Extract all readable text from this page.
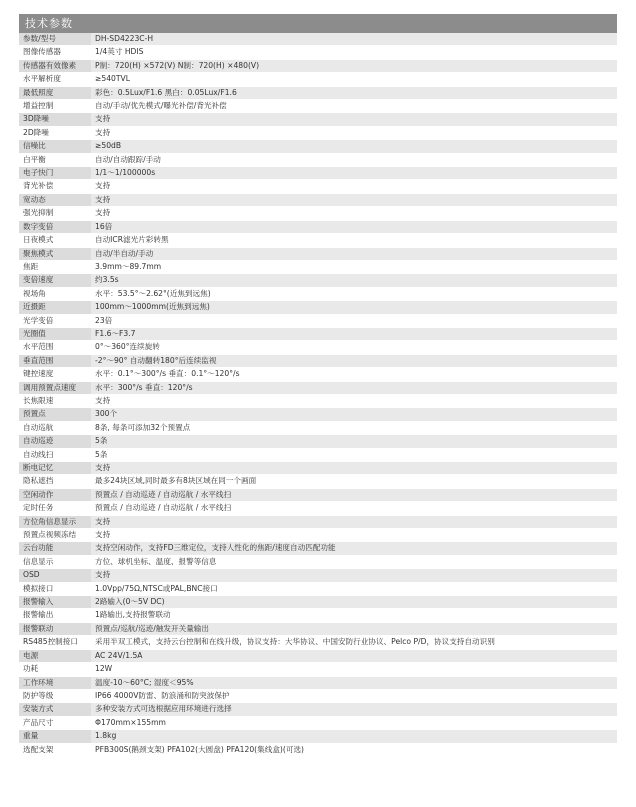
技术参数
参数/型号	DH-SD4223C-H
图像传感器	1/4英寸 HDIS
传感器有效像素	P制：720(H) ×572(V) N制：720(H) ×480(V)
水平解析度	≥540TVL
最低照度	彩色：0.5Lux/F1.6 黑白：0.05Lux/F1.6
增益控制	自动/手动/优先模式/曝光补偿/背光补偿
3D降噪	支持
2D降噪	支持
信噪比	≥50dB
白平衡	自动/自动跟踪/手动
电子快门	1/1～1/100000s
背光补偿	支持
宽动态	支持
强光抑制	支持
数字变倍	16倍
日夜模式	自动ICR滤光片彩转黑
聚焦模式	自动/半自动/手动
焦距	3.9mm～89.7mm
变倍速度	约3.5s
视场角	水平：53.5°～2.62°(近焦到远焦)
近摄距	100mm～1000mm(近焦到远焦)
光学变倍	23倍
光圈值	F1.6～F3.7
水平范围	0°～360°连续旋转
垂直范围	-2°～90° 自动翻转180°后连续监视
键控速度	水平：0.1°～300°/s 垂直：0.1°～120°/s
调用预置点速度	水平：300°/s 垂直：120°/s
长焦限速	支持
预置点	300个
自动巡航	8条, 每条可添加32个预置点
自动巡迹	5条
自动线扫	5条
断电记忆	支持
隐私遮挡	最多24块区域,同时最多有8块区域在同一个画面
空闲动作	预置点 / 自动巡迹 / 自动巡航 / 水平线扫
定时任务	预置点 / 自动巡迹 / 自动巡航 / 水平线扫
方位角信息显示	支持
预置点视频冻结	支持
云台功能	支持空闲动作，支持FD三维定位，支持人性化的焦距/速度自动匹配功能
信息显示	方位、球机坐标、温度、报警等信息
OSD	支持
模拟接口	1.0Vpp/75Ω,NTSC或PAL,BNC接口
报警输入	2路输入(0～5V DC)
报警输出	1路输出,支持报警联动
报警联动	预置点/巡航/巡迹/触发开关量输出
RS485控制接口	采用半双工模式，支持云台控制和在线升级，协议支持：大华协议、中国安防行业协议、Pelco P/D，协议支持自动识别
电源	AC 24V/1.5A
功耗	12W
工作环境	温度-10～60°C; 湿度＜95%
防护等级	IP66 4000V防雷、防浪涌和防突波保护
安装方式	多种安装方式可选根据应用环境进行选择
产品尺寸	Φ170mm×155mm
重量	1.8kg
选配支架	PFB300S(鹅颈支架) PFA102(大圆盘) PFA120(集线盒)(可选)
